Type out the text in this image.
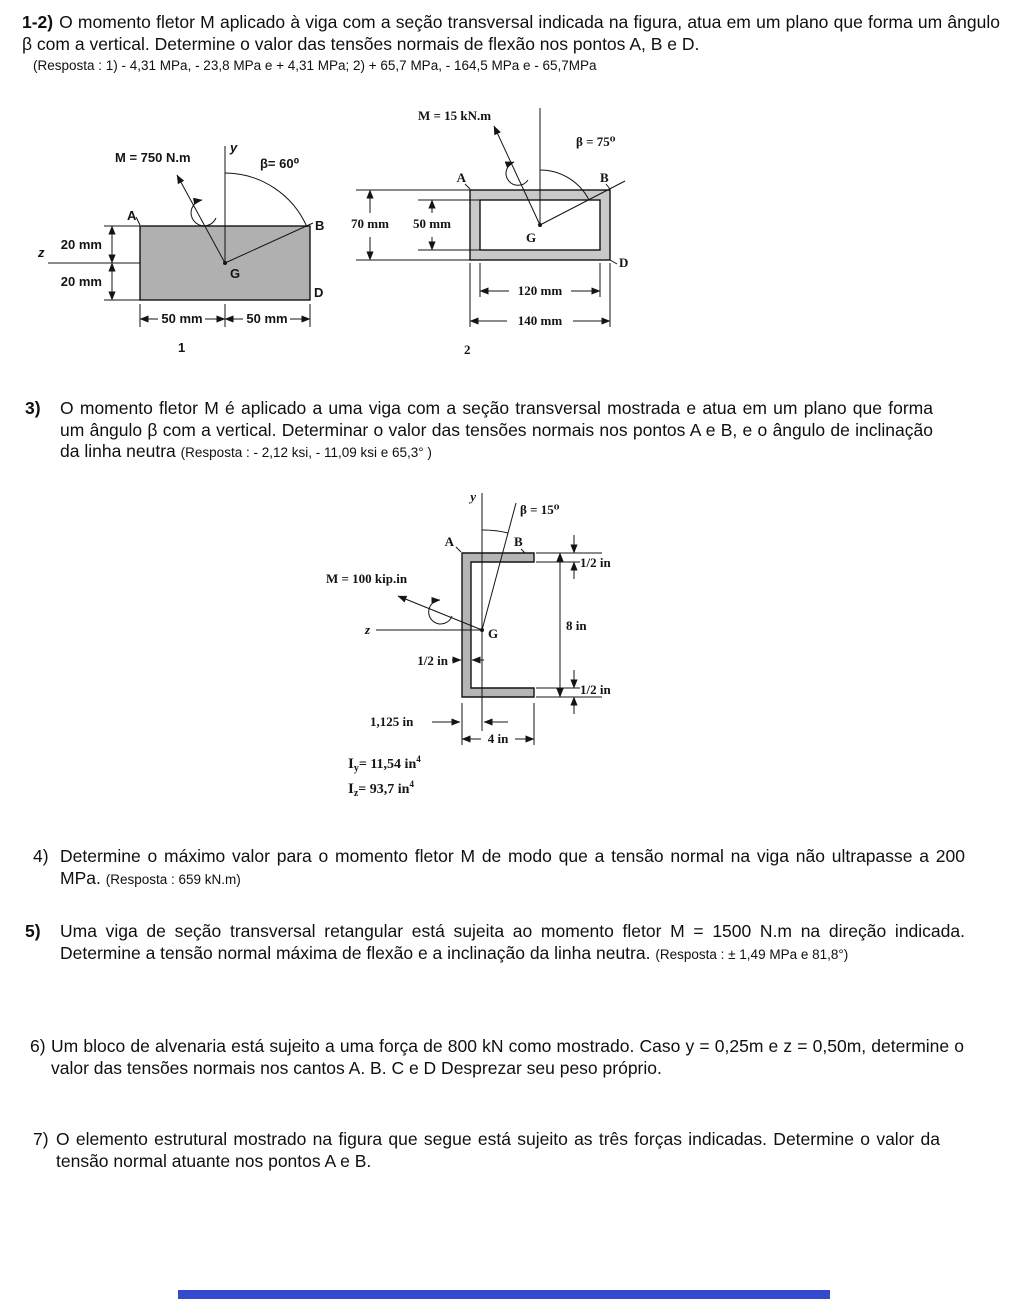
1-2) O momento fletor M aplicado à viga com a seção transversal indicada na figura, atua em um plano que forma um ângulo β com a vertical. Determine o valor das tensões normais de flexão nos pontos A, B e D.
(Resposta : 1) - 4,31 MPa, - 23,8 MPa e + 4,31 MPa; 2) + 65,7 MPa, - 164,5 MPa e - 65,7MPa
M = 750 N.m
y
β= 60⁰
A
B
D
G
z
20 mm
20 mm
50 mm	50 mm
1
M = 15 kN.m
β = 75⁰
A	B
D
G
70 mm 50 mm
120 mm
140 mm
2
3)	O momento fletor M é aplicado a uma viga com a seção transversal mostrada e atua em um plano que forma um ângulo β com a vertical. Determinar o valor das tensões normais nos pontos A e B, e o ângulo de inclinação da linha neutra (Resposta : - 2,12 ksi, - 11,09 ksi e 65,3° )
y
β = 15⁰
A	B
z	G
M = 100 kip.in
8 in
1/2 in
1/2 in
1/2 in
1,125 in
4 in
$I_y= 11,54$ $in^4$
$I_z= 93,7$ $in^4$
4) Determine o máximo valor para o momento fletor M de modo que a tensão normal na viga não ultrapasse a 200 MPa. (Resposta : 659 kN.m)
5)	Uma viga de seção transversal retangular está sujeita ao momento fletor M = 1500 N.m na direção indicada. Determine a tensão normal máxima de flexão e a inclinação da linha neutra. (Resposta : ± 1,49 MPa e 81,8°)
6) Um bloco de alvenaria está sujeito a uma força de 800 kN como mostrado. Caso y = 0,25m e z = 0,50m, determine o valor das tensões normais nos cantos A. B. C e D Desprezar seu peso próprio.
7) O elemento estrutural mostrado na figura que segue está sujeito as três forças indicadas. Determine o valor da tensão normal atuante nos pontos A e B.
